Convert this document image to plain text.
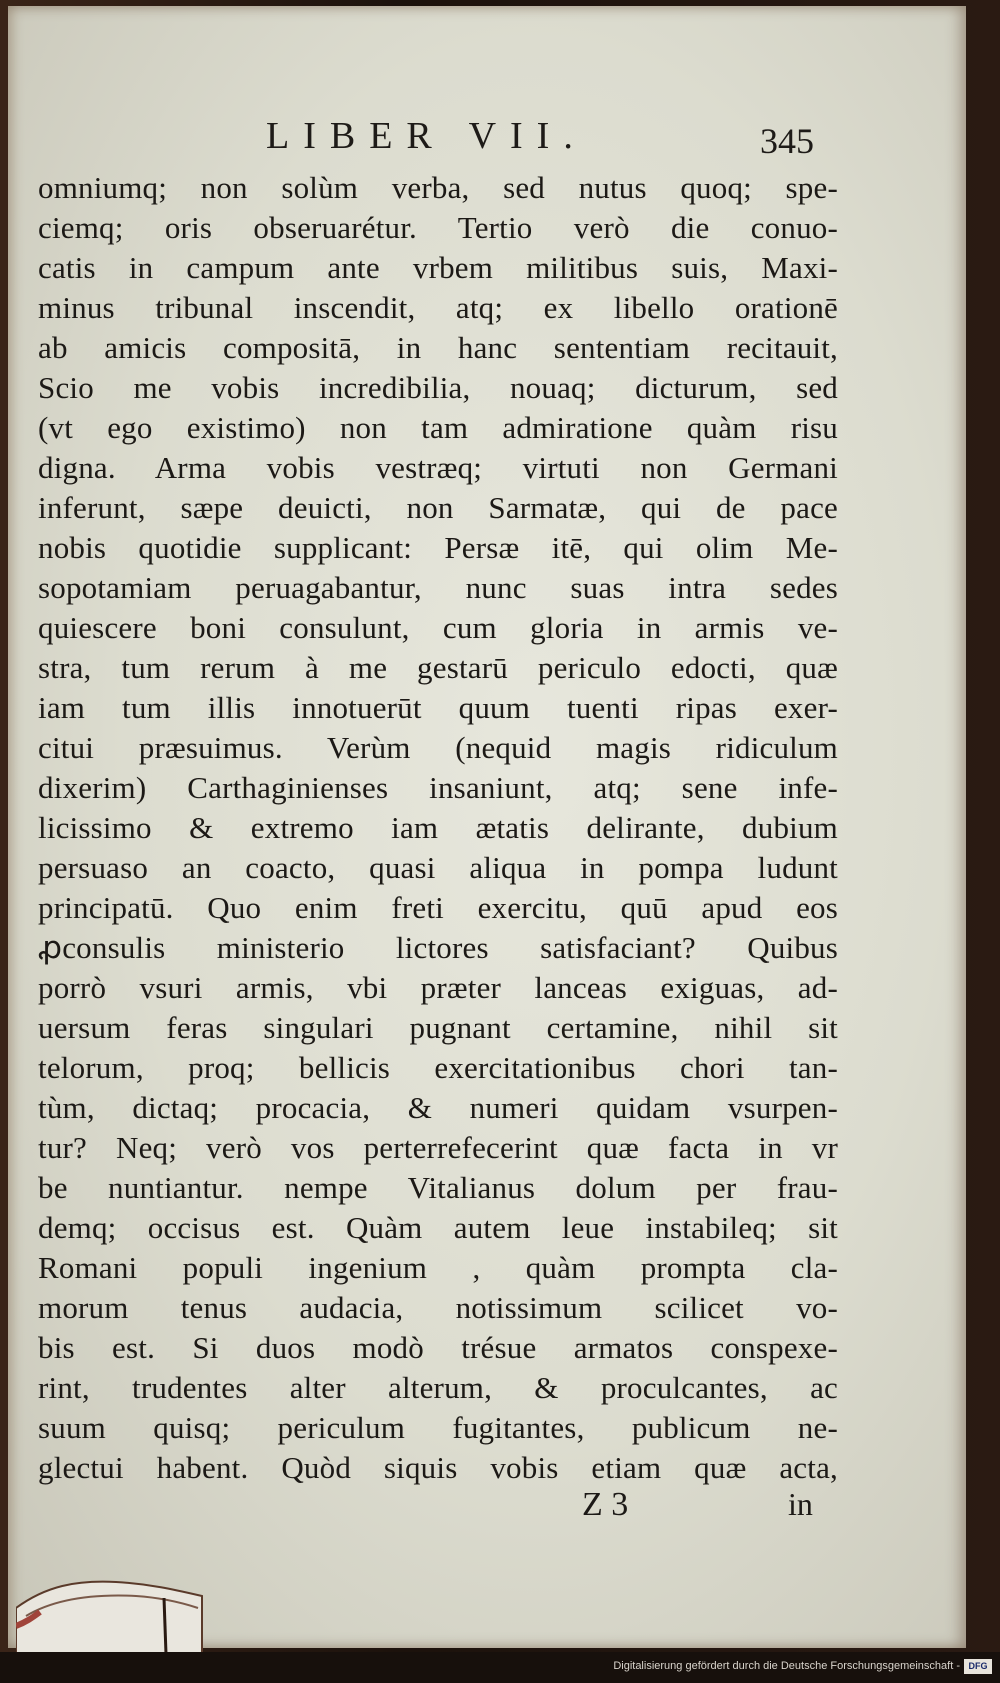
LIBER VII.	345
omniumq; non solùm verba, sed nutus quoq; spe-
ciemq; oris obseruarétur. Tertio verò die conuo-
catis in campum ante vrbem militibus suis, Maxi-
minus tribunal inscendit, atq; ex libello orationē
ab amicis compositā, in hanc sententiam recitauit,
Scio me vobis incredibilia, nouaq; dicturum, sed
(vt ego existimo) non tam admiratione quàm risu
digna. Arma vobis vestræq; virtuti non Germani
inferunt, sæpe deuicti, non Sarmatæ, qui de pace
nobis quotidie supplicant: Persæ itē, qui olim Me-
sopotamiam peruagabantur, nunc suas intra sedes
quiescere boni consulunt, cum gloria in armis ve-
stra, tum rerum à me gestarū periculo edocti, quæ
iam tum illis innotuerūt quum tuenti ripas exer-
citui præsuimus. Verùm (nequid magis ridiculum
dixerim) Carthaginienses insaniunt, atq; sene infe-
licissimo & extremo iam ætatis delirante, dubium
persuaso an coacto, quasi aliqua in pompa ludunt
principatū. Quo enim freti exercitu, quū apud eos
ꝓconsulis ministerio lictores satisfaciant? Quibus
porrò vsuri armis, vbi præter lanceas exiguas, ad-
uersum feras singulari pugnant certamine, nihil sit
telorum, proq; bellicis exercitationibus chori tan-
tùm, dictaq; procacia, & numeri quidam vsurpen-
tur? Neq; verò vos perterrefecerint quæ facta in vr
be nuntiantur. nempe Vitalianus dolum per frau-
demq; occisus est. Quàm autem leue instabileq; sit
Romani populi ingenium , quàm prompta cla-
morum tenus audacia, notissimum scilicet vo-
bis est. Si duos modò trésue armatos conspexe-
rint, trudentes alter alterum, & proculcantes, ac
suum quisq; periculum fugitantes, publicum ne-
glectui habent. Quòd siquis vobis etiam quæ acta,
Z 3	in
Digitalisierung gefördert durch die Deutsche Forschungsgemeinschaft - DFG
